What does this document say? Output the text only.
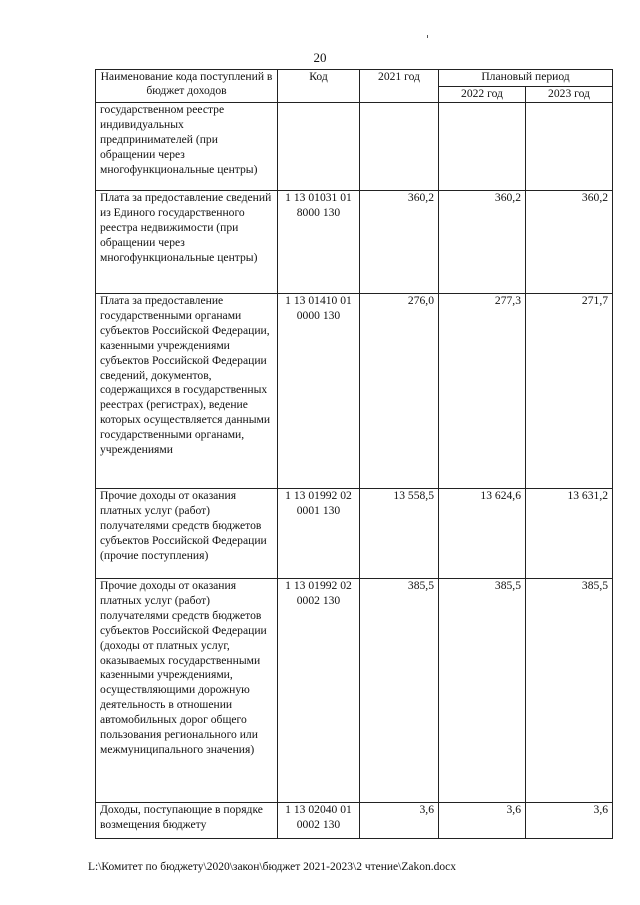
20
Наименование кода поступлений в бюджет доходов	Код	2021 год	Плановый период	
			2022 год	2023 год
государственном реестре индивидуальных предпринимателей (при обращении через многофункциональные центры)				
Плата за предоставление сведений из Единого государственного реестра недвижимости (при обращении через многофункциональные центры)	1 13 01031 01 8000 130	360,2	360,2	360,2
Плата за предоставление государственными органами субъектов Российской Федерации, казенными учреждениями субъектов Российской Федерации сведений, документов, содержащихся в государственных реестрах (регистрах), ведение которых осуществляется данными государственными органами, учреждениями	1 13 01410 01 0000 130	276,0	277,3	271,7
Прочие доходы от оказания платных услуг (работ) получателями средств бюджетов субъектов Российской Федерации (прочие поступления)	1 13 01992 02 0001 130	13 558,5	13 624,6	13 631,2
Прочие доходы от оказания платных услуг (работ) получателями средств бюджетов субъектов Российской Федерации (доходы от платных услуг, оказываемых государственными казенными учреждениями, осуществляющими дорожную деятельность в отношении автомобильных дорог общего пользования регионального или межмуниципального значения)	1 13 01992 02 0002 130	385,5	385,5	385,5
Доходы, поступающие в порядке возмещения бюджету	1 13 02040 01 0002 130	3,6	3,6	3,6
L:\Комитет по бюджету\2020\закон\бюджет 2021-2023\2 чтение\Zakon.docx
